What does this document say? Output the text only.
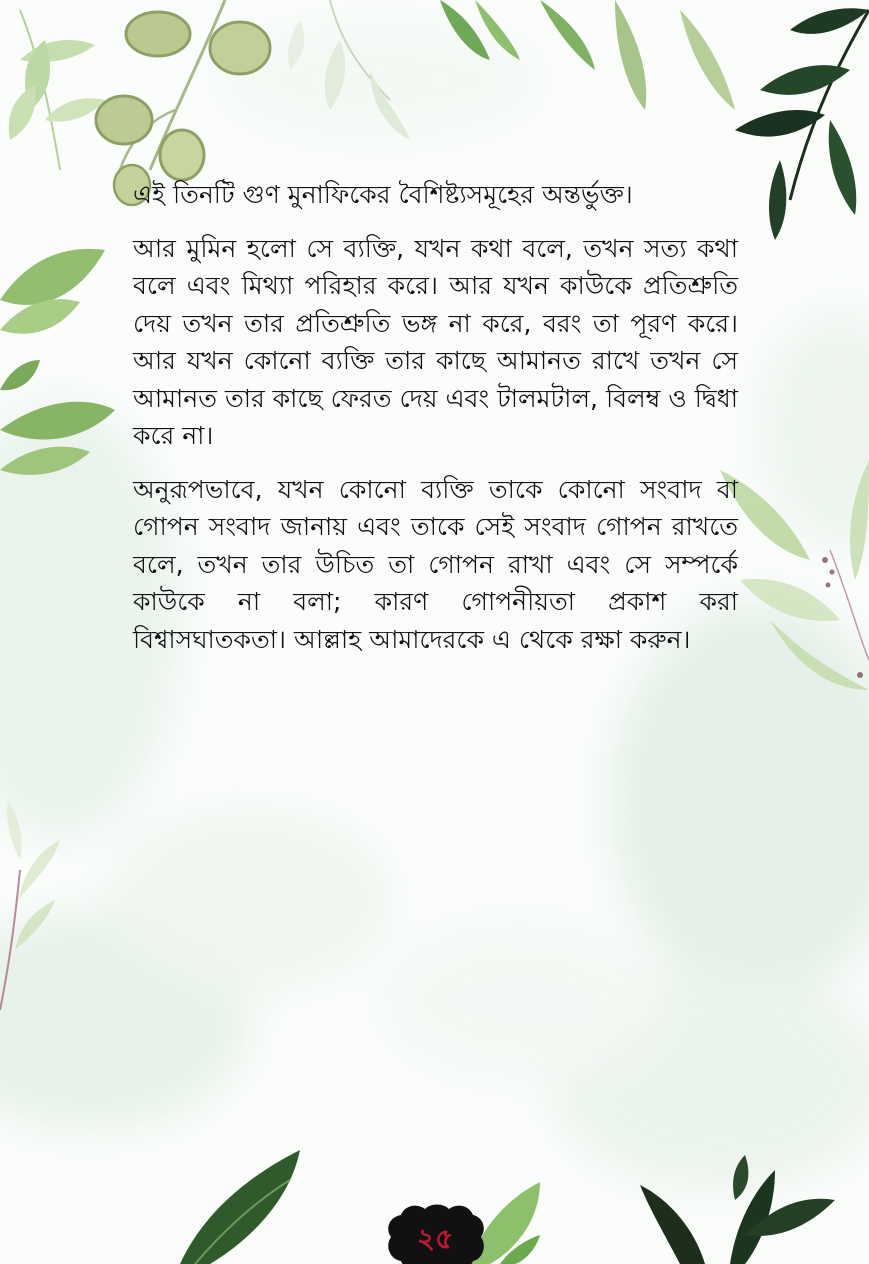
এই তিনটি গুণ মুনাফিকের বৈশিষ্ট্যসমূহের অন্তর্ভুক্ত।

আর মুমিন হলো সে ব্যক্তি, যখন কথা বলে, তখন সত্য কথা বলে এবং মিথ্যা পরিহার করে। আর যখন কাউকে প্রতিশ্রুতি দেয় তখন তার প্রতিশ্রুতি ভঙ্গ না করে, বরং তা পূরণ করে। আর যখন কোনো ব্যক্তি তার কাছে আমানত রাখে তখন সে আমানত তার কাছে ফেরত দেয় এবং টালমটাল, বিলম্ব ও দ্বিধা করে না।

অনুরূপভাবে, যখন কোনো ব্যক্তি তাকে কোনো সংবাদ বা গোপন সংবাদ জানায় এবং তাকে সেই সংবাদ গোপন রাখতে বলে, তখন তার উচিত তা গোপন রাখা এবং সে সম্পর্কে কাউকে না বলা; কারণ গোপনীয়তা প্রকাশ করা বিশ্বাসঘাতকতা। আল্লাহ আমাদেরকে এ থেকে রক্ষা করুন।

২৫
